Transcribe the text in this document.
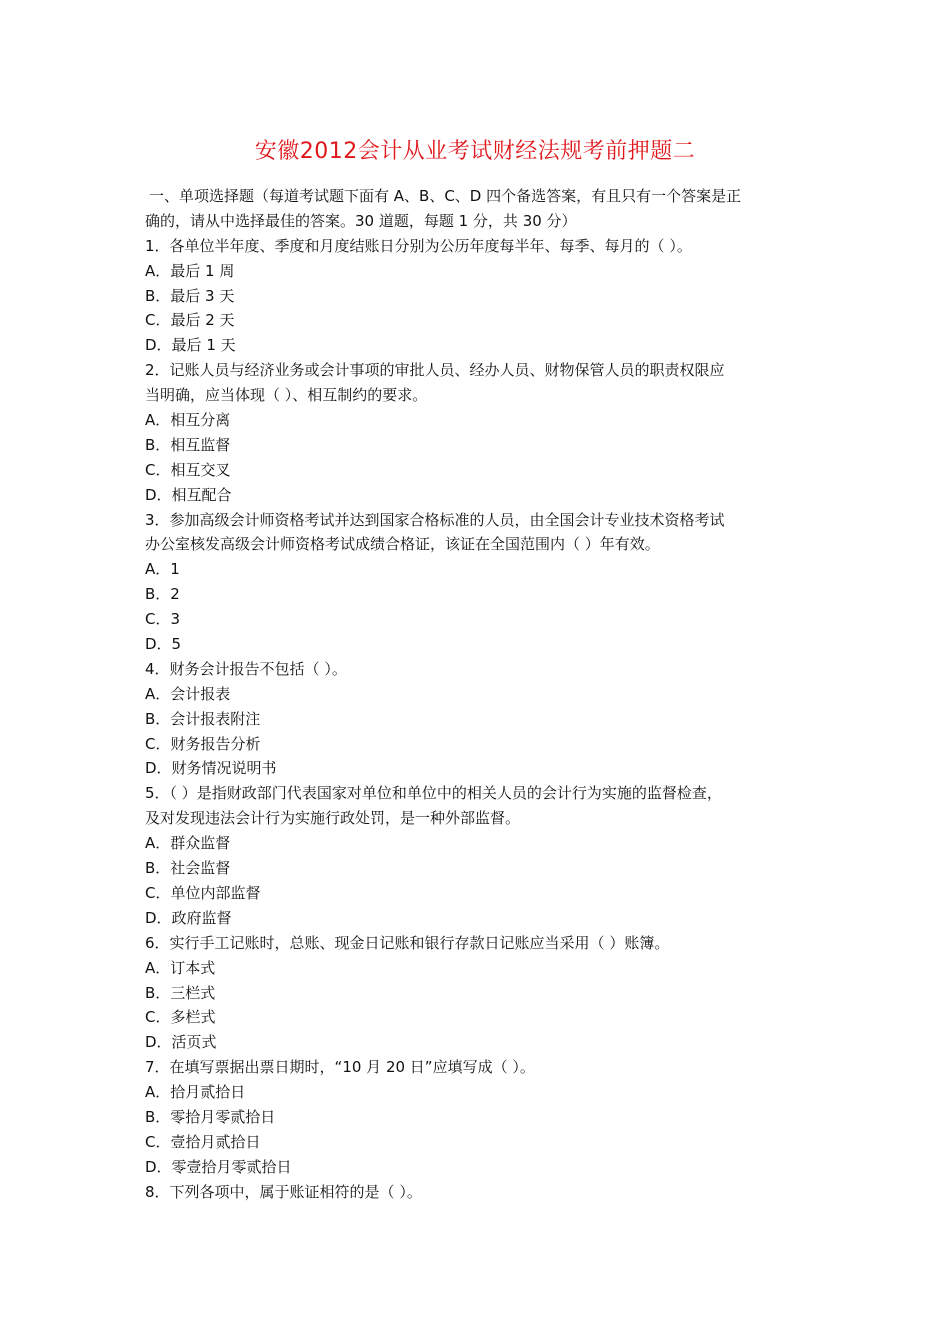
安徽2012会计从业考试财经法规考前押题二
一、单项选择题（每道考试题下面有 A、B、C、D 四个备选答案，有且只有一个答案是正
确的，请从中选择最佳的答案。30 道题，每题 1 分，共 30 分）
1．各单位半年度、季度和月度结账日分别为公历年度每半年、每季、每月的（ ）。
A．最后 1 周
B．最后 3 天
C．最后 2 天
D．最后 1 天
2．记账人员与经济业务或会计事项的审批人员、经办人员、财物保管人员的职责权限应
当明确，应当体现（ ）、相互制约的要求。
A．相互分离
B．相互监督
C．相互交叉
D．相互配合
3．参加高级会计师资格考试并达到国家合格标准的人员，由全国会计专业技术资格考试
办公室核发高级会计师资格考试成绩合格证，该证在全国范围内（ ）年有效。
A．1
B．2
C．3
D．5
4．财务会计报告不包括（ ）。
A．会计报表
B．会计报表附注
C．财务报告分析
D．财务情况说明书
5．（ ）是指财政部门代表国家对单位和单位中的相关人员的会计行为实施的监督检查，
及对发现违法会计行为实施行政处罚，是一种外部监督。
A．群众监督
B．社会监督
C．单位内部监督
D．政府监督
6．实行手工记账时，总账、现金日记账和银行存款日记账应当采用（ ）账簿。
A．订本式
B．三栏式
C．多栏式
D．活页式
7．在填写票据出票日期时，“10 月 20 日”应填写成（ ）。
A．拾月贰拾日
B．零拾月零贰拾日
C．壹拾月贰拾日
D．零壹拾月零贰拾日
8．下列各项中，属于账证相符的是（ ）。
